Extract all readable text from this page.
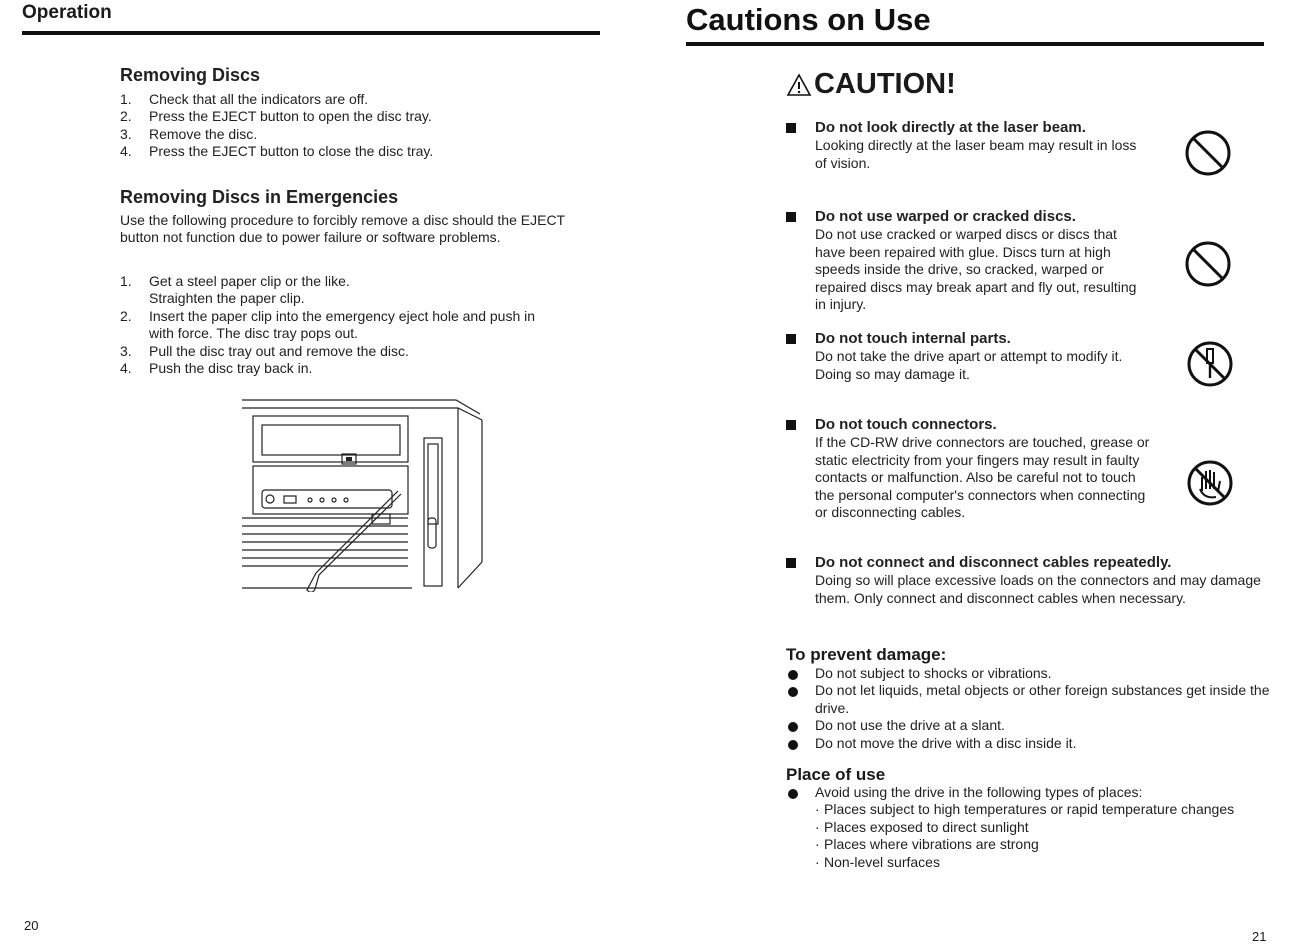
Operation
Removing Discs
1.	Check that all the indicators are off.
2.	Press the EJECT button to open the disc tray.
3.	Remove the disc.
4.	Press the EJECT button to close the disc tray.
Removing Discs in Emergencies
Use the following procedure to forcibly remove a disc should the EJECT button not function due to power failure or software problems.
1.	Get a steel paper clip or the like.
Straighten the paper clip.
2.	Insert the paper clip into the emergency eject hole and push in
with force. The disc tray pops out.
3.	Pull the disc tray out and remove the disc.
4.	Push the disc tray back in.
20
Cautions on Use
CAUTION!
Do not look directly at the laser beam.
Looking directly at the laser beam may result in loss of vision.
Do not use warped or cracked discs.
Do not use cracked or warped discs or discs that have been repaired with glue. Discs turn at high speeds inside the drive, so cracked, warped or repaired discs may break apart and fly out, resulting in injury.
Do not touch internal parts.
Do not take the drive apart or attempt to modify it. Doing so may damage it.
Do not touch connectors.
If the CD-RW drive connectors are touched, grease or static electricity from your fingers may result in faulty contacts or malfunction. Also be careful not to touch the personal computer's connectors when connecting or disconnecting cables.
Do not connect and disconnect cables repeatedly.
Doing so will place excessive loads on the connectors and may damage them. Only connect and disconnect cables when necessary.
To prevent damage:
Do not subject to shocks or vibrations.
Do not let liquids, metal objects or other foreign substances get inside the drive.
Do not use the drive at a slant.
Do not move the drive with a disc inside it.
Place of use
Avoid using the drive in the following types of places:
· Places subject to high temperatures or rapid temperature changes
· Places exposed to direct sunlight
· Places where vibrations are strong
· Non-level surfaces
21
